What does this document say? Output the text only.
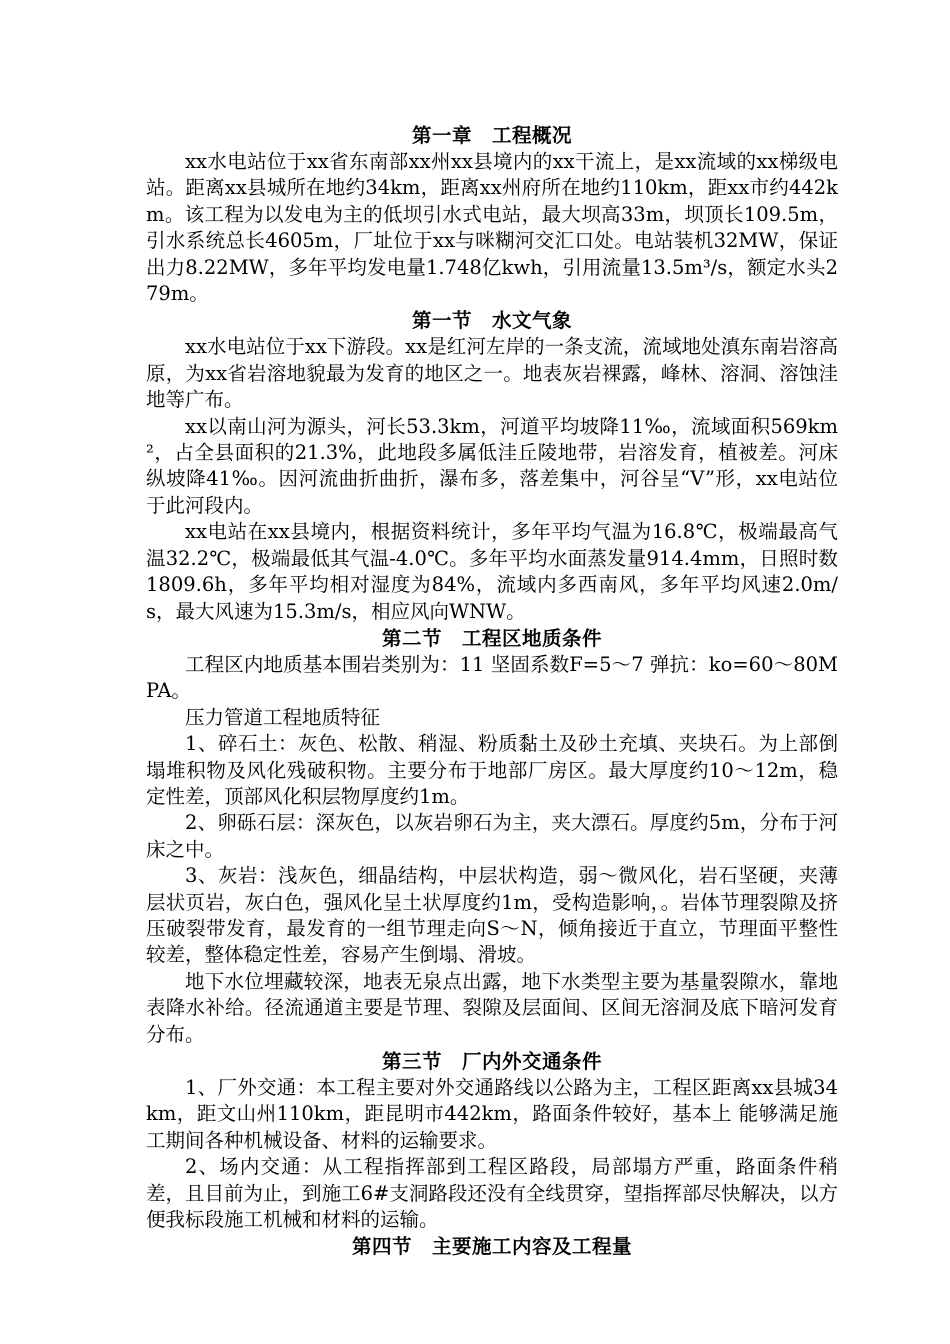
第一章　工程概况

xx水电站位于xx省东南部xx州xx县境内的xx干流上，是xx流域的xx梯级电站。距离xx县城所在地约34km，距离xx州府所在地约110km，距xx市约442km。该工程为以发电为主的低坝引水式电站，最大坝高33m，坝顶长109.5m，引水系统总长4605m，厂址位于xx与咪糊河交汇口处。电站装机32MW，保证出力8.22MW，多年平均发电量1.748亿kwh，引用流量13.5m³/s，额定水头279m。

第一节　水文气象

xx水电站位于xx下游段。xx是红河左岸的一条支流，流域地处滇东南岩溶高原，为xx省岩溶地貌最为发育的地区之一。地表灰岩裸露，峰林、溶洞、溶蚀洼地等广布。

xx以南山河为源头，河长53.3km，河道平均坡降11‰，流域面积569km²，占全县面积的21.3%，此地段多属低洼丘陵地带，岩溶发育，植被差。河床纵坡降41‰。因河流曲折曲折，瀑布多，落差集中，河谷呈“V”形，xx电站位于此河段内。

xx电站在xx县境内，根据资料统计，多年平均气温为16.8℃，极端最高气温32.2℃，极端最低其气温-4.0℃。多年平均水面蒸发量914.4mm，日照时数1809.6h，多年平均相对湿度为84%，流域内多西南风，多年平均风速2.0m/s，最大风速为15.3m/s，相应风向WNW。

第二节　工程区地质条件

工程区内地质基本围岩类别为：11 坚固系数F=5～7 弹抗：ko=60～80MPA。

压力管道工程地质特征

1、碎石土：灰色、松散、稍湿、粉质黏土及砂土充填、夹块石。为上部倒塌堆积物及风化残破积物。主要分布于地部厂房区。最大厚度约10～12m，稳定性差，顶部风化积层物厚度约1m。

2、卵砾石层：深灰色，以灰岩卵石为主，夹大漂石。厚度约5m，分布于河床之中。

3、灰岩：浅灰色，细晶结构，中层状构造，弱～微风化，岩石坚硬，夹薄层状页岩，灰白色，强风化呈土状厚度约1m，受构造影响，。岩体节理裂隙及挤压破裂带发育，最发育的一组节理走向S～N，倾角接近于直立，节理面平整性较差，整体稳定性差，容易产生倒塌、滑坡。

地下水位埋藏较深，地表无泉点出露，地下水类型主要为基量裂隙水，靠地表降水补给。径流通道主要是节理、裂隙及层面间、区间无溶洞及底下暗河发育分布。

第三节　厂内外交通条件

1、厂外交通：本工程主要对外交通路线以公路为主，工程区距离xx县城34km，距文山州110km，距昆明市442km，路面条件较好，基本上 能够满足施工期间各种机械设备、材料的运输要求。

2、场内交通：从工程指挥部到工程区路段，局部塌方严重，路面条件稍差，且目前为止，到施工6#支洞路段还没有全线贯穿，望指挥部尽快解决，以方便我标段施工机械和材料的运输。

第四节　主要施工内容及工程量
